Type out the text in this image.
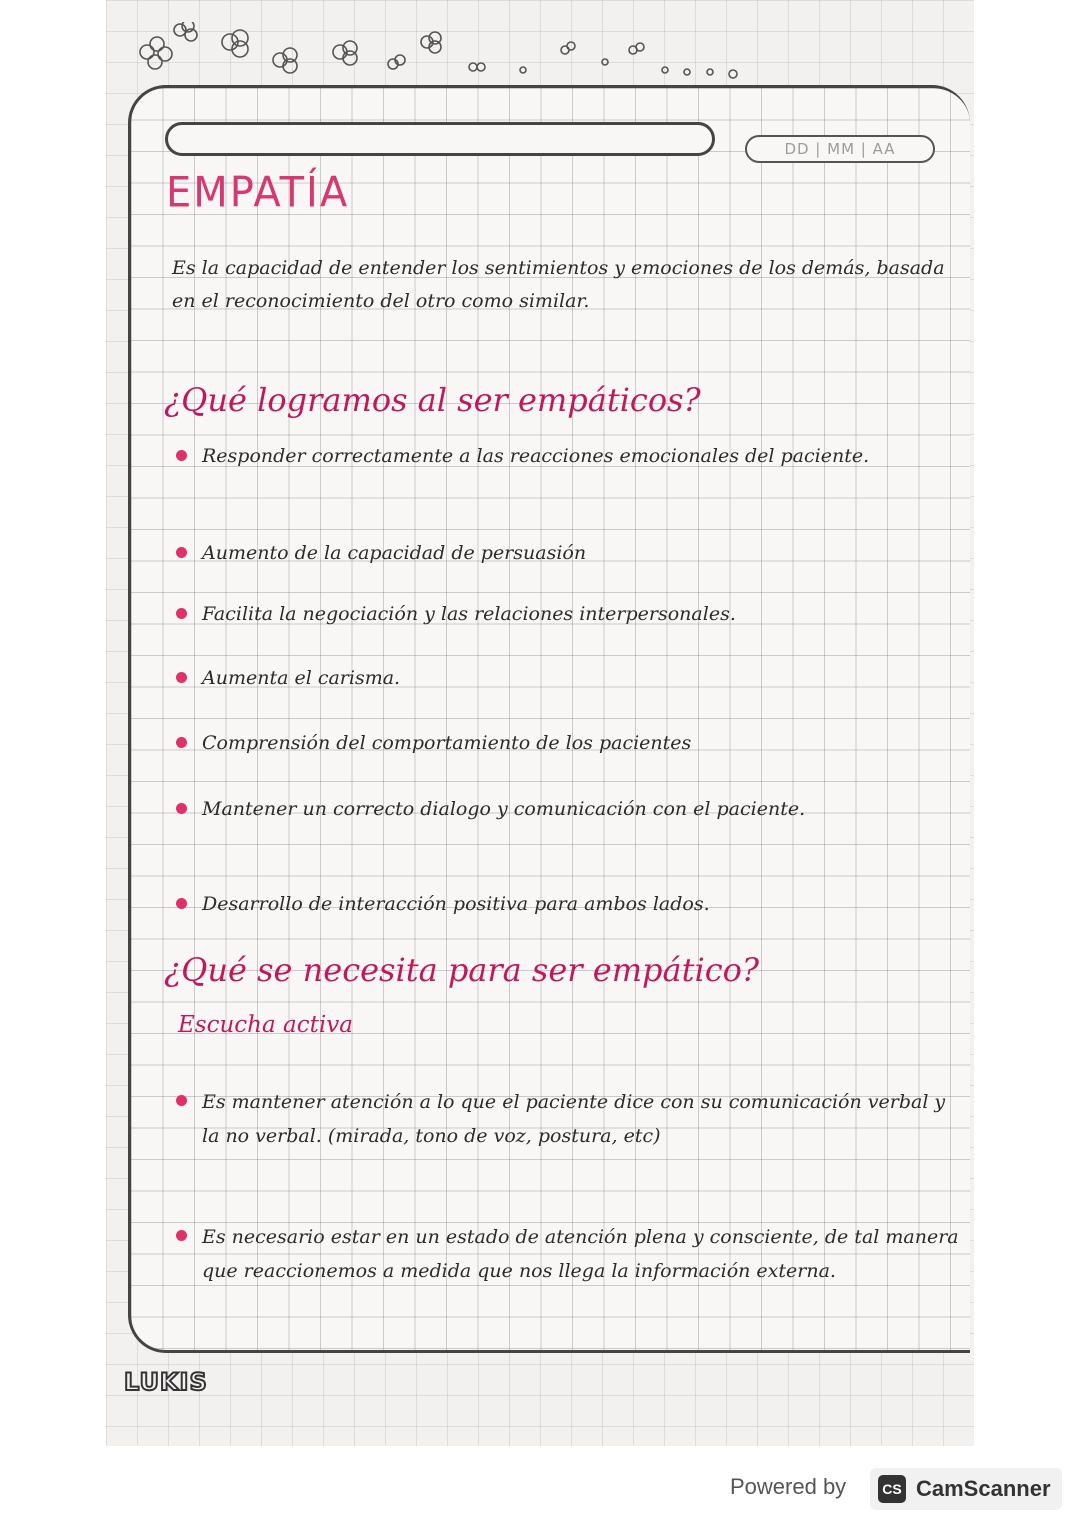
DD | MM | AA
EMPATÍA
Es la capacidad de entender los sentimientos y emociones de los demás, basada en el reconocimiento del otro como similar.
¿Qué logramos al ser empáticos?
Responder correctamente a las reacciones emocionales del paciente.
Aumento de la capacidad de persuasión
Facilita la negociación y las relaciones interpersonales.
Aumenta el carisma.
Comprensión del comportamiento de los pacientes
Mantener un correcto dialogo y comunicación con el paciente.
Desarrollo de interacción positiva para ambos lados.
¿Qué se necesita para ser empático?
Escucha activa
Es mantener atención a lo que el paciente dice con su comunicación verbal y la no verbal. (mirada, tono de voz, postura, etc)
Es necesario estar en un estado de atención plena y consciente, de tal manera que reaccionemos a medida que nos llega la información externa.
LUKIS
Powered by	CS CamScanner
